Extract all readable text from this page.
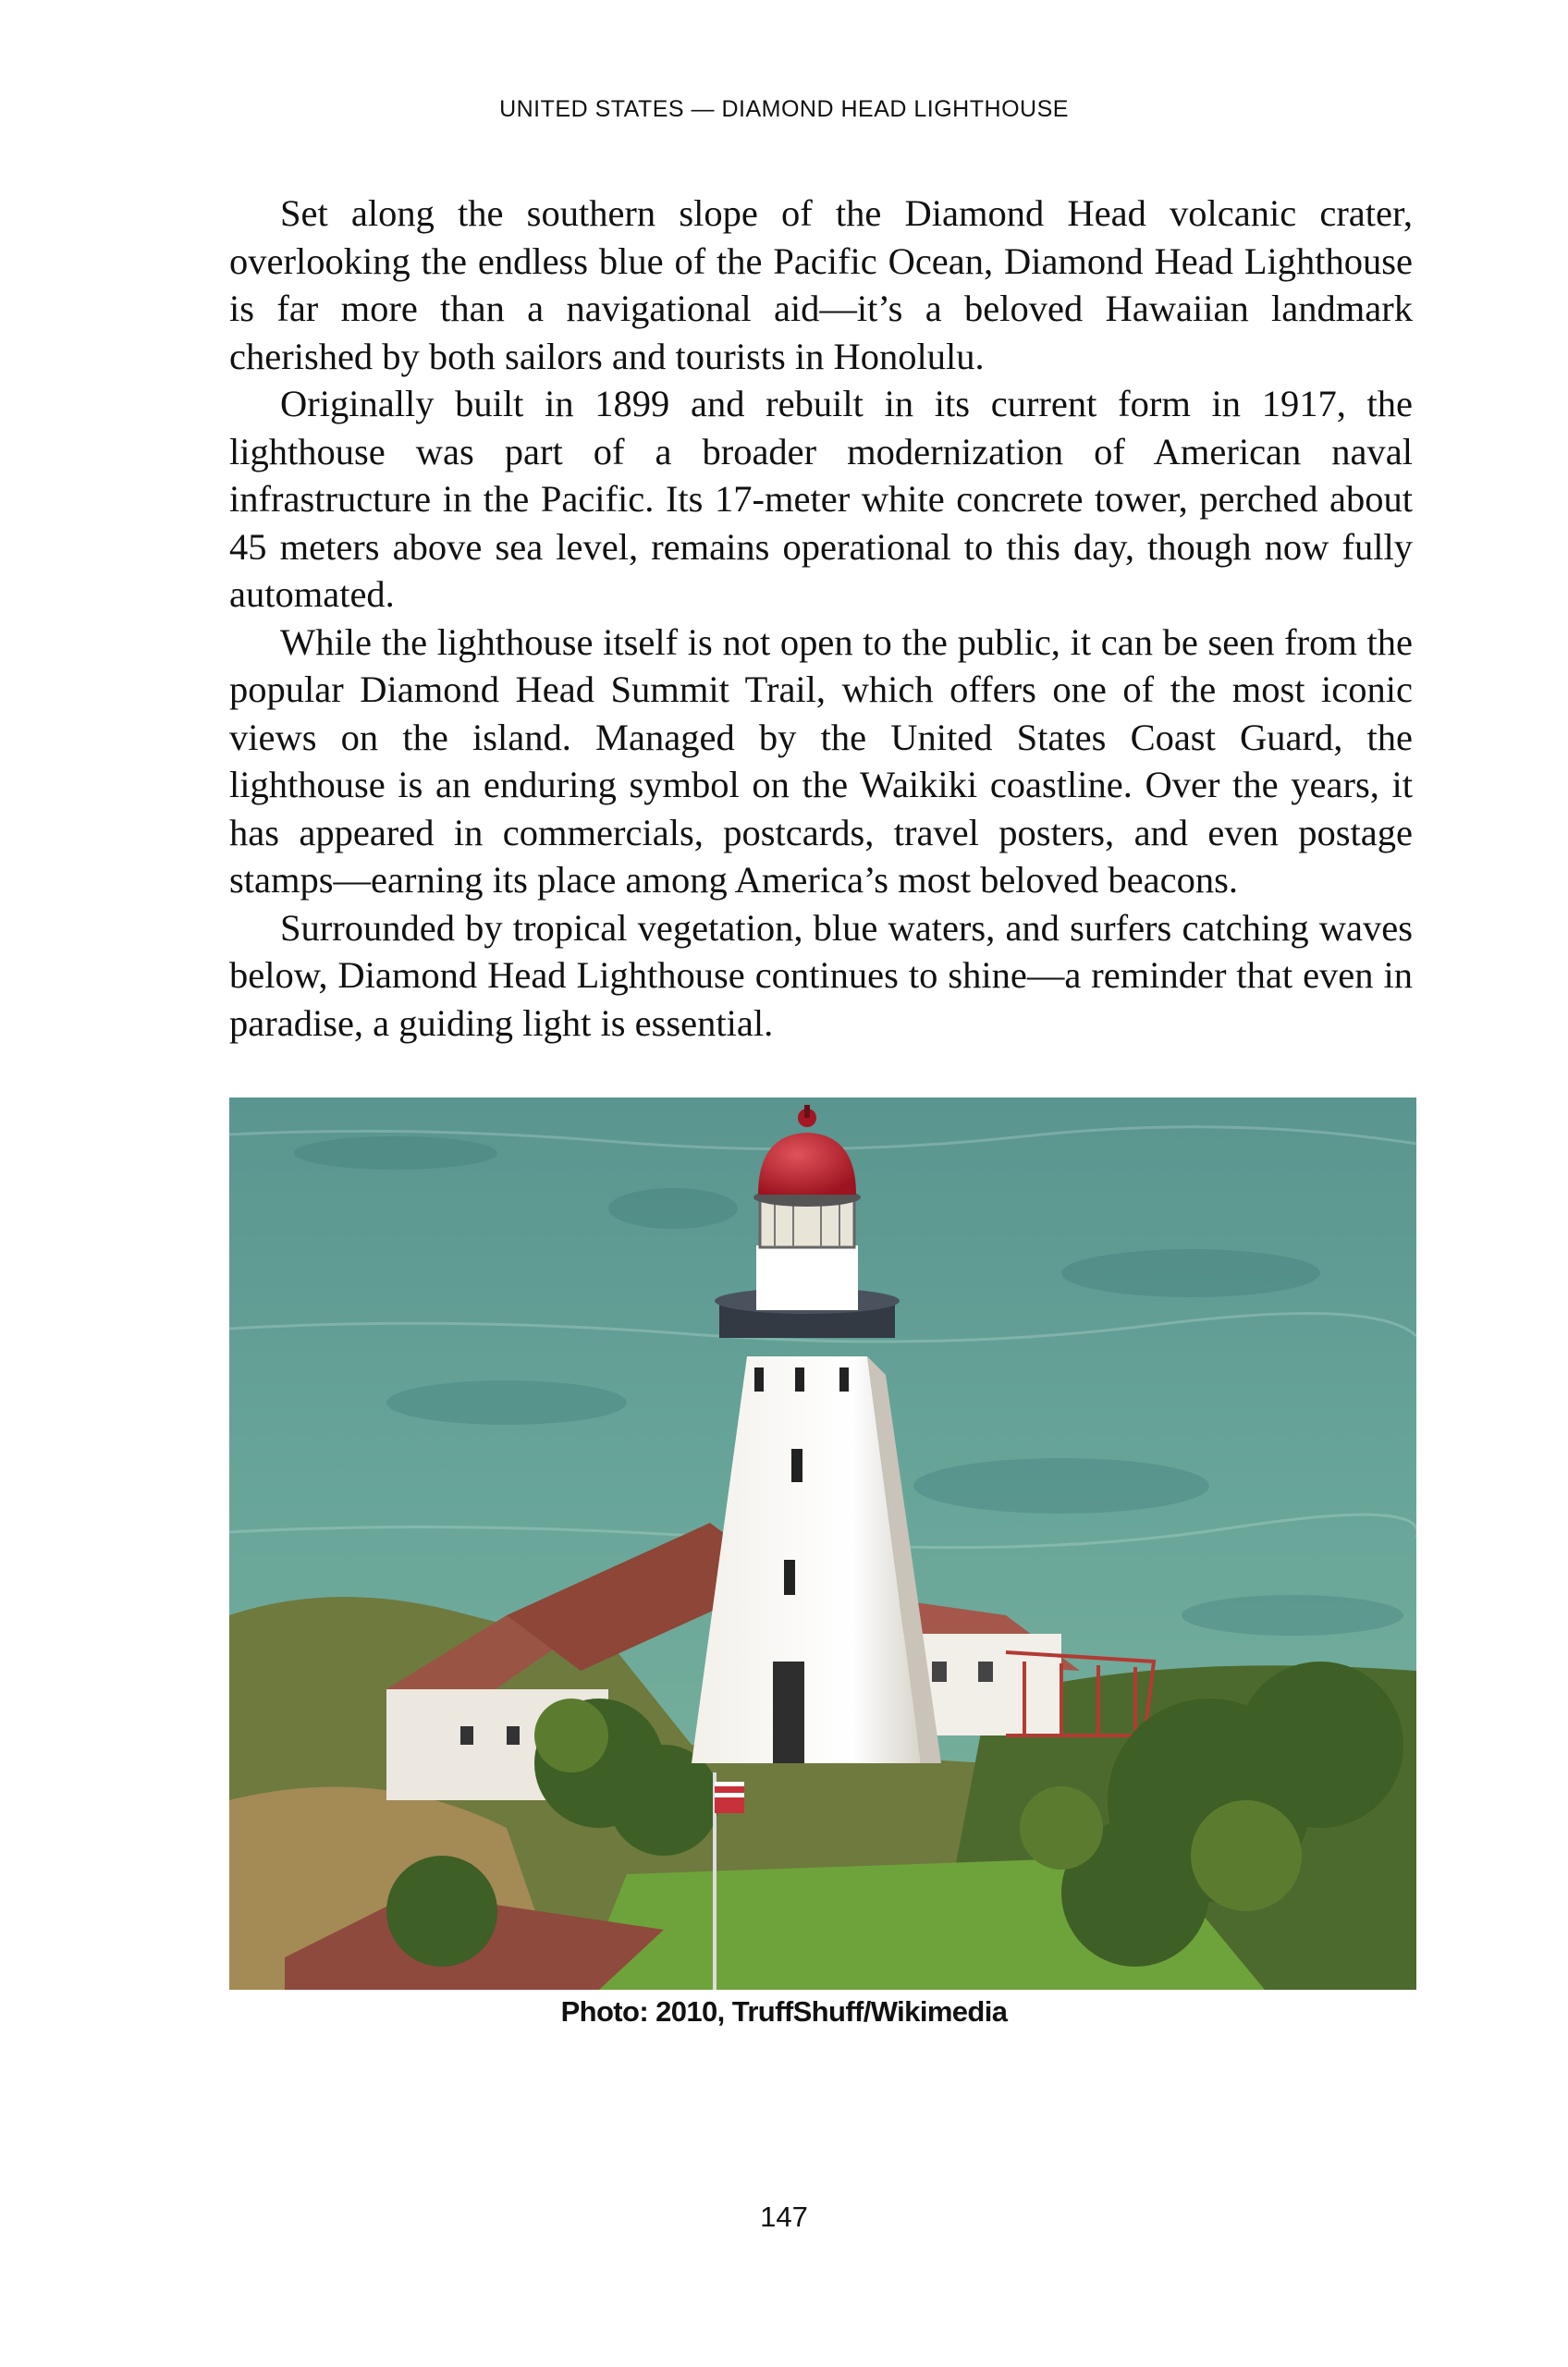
UNITED STATES — DIAMOND HEAD LIGHTHOUSE

Set along the southern slope of the Diamond Head volcanic crater, overlooking the endless blue of the Pacific Ocean, Diamond Head Lighthouse is far more than a navigational aid—it’s a beloved Hawaiian landmark cherished by both sailors and tourists in Honolulu.

Originally built in 1899 and rebuilt in its current form in 1917, the lighthouse was part of a broader modernization of American naval infrastructure in the Pacific. Its 17-meter white concrete tower, perched about 45 meters above sea level, remains operational to this day, though now fully automated.

While the lighthouse itself is not open to the public, it can be seen from the popular Diamond Head Summit Trail, which offers one of the most iconic views on the island. Managed by the United States Coast Guard, the lighthouse is an enduring symbol on the Waikiki coastline. Over the years, it has appeared in commercials, postcards, travel posters, and even postage stamps—earning its place among America’s most beloved beacons.

Surrounded by tropical vegetation, blue waters, and surfers catching waves below, Diamond Head Lighthouse continues to shine—a reminder that even in paradise, a guiding light is essential.

Photo: 2010, TruffShuff/Wikimedia
147
